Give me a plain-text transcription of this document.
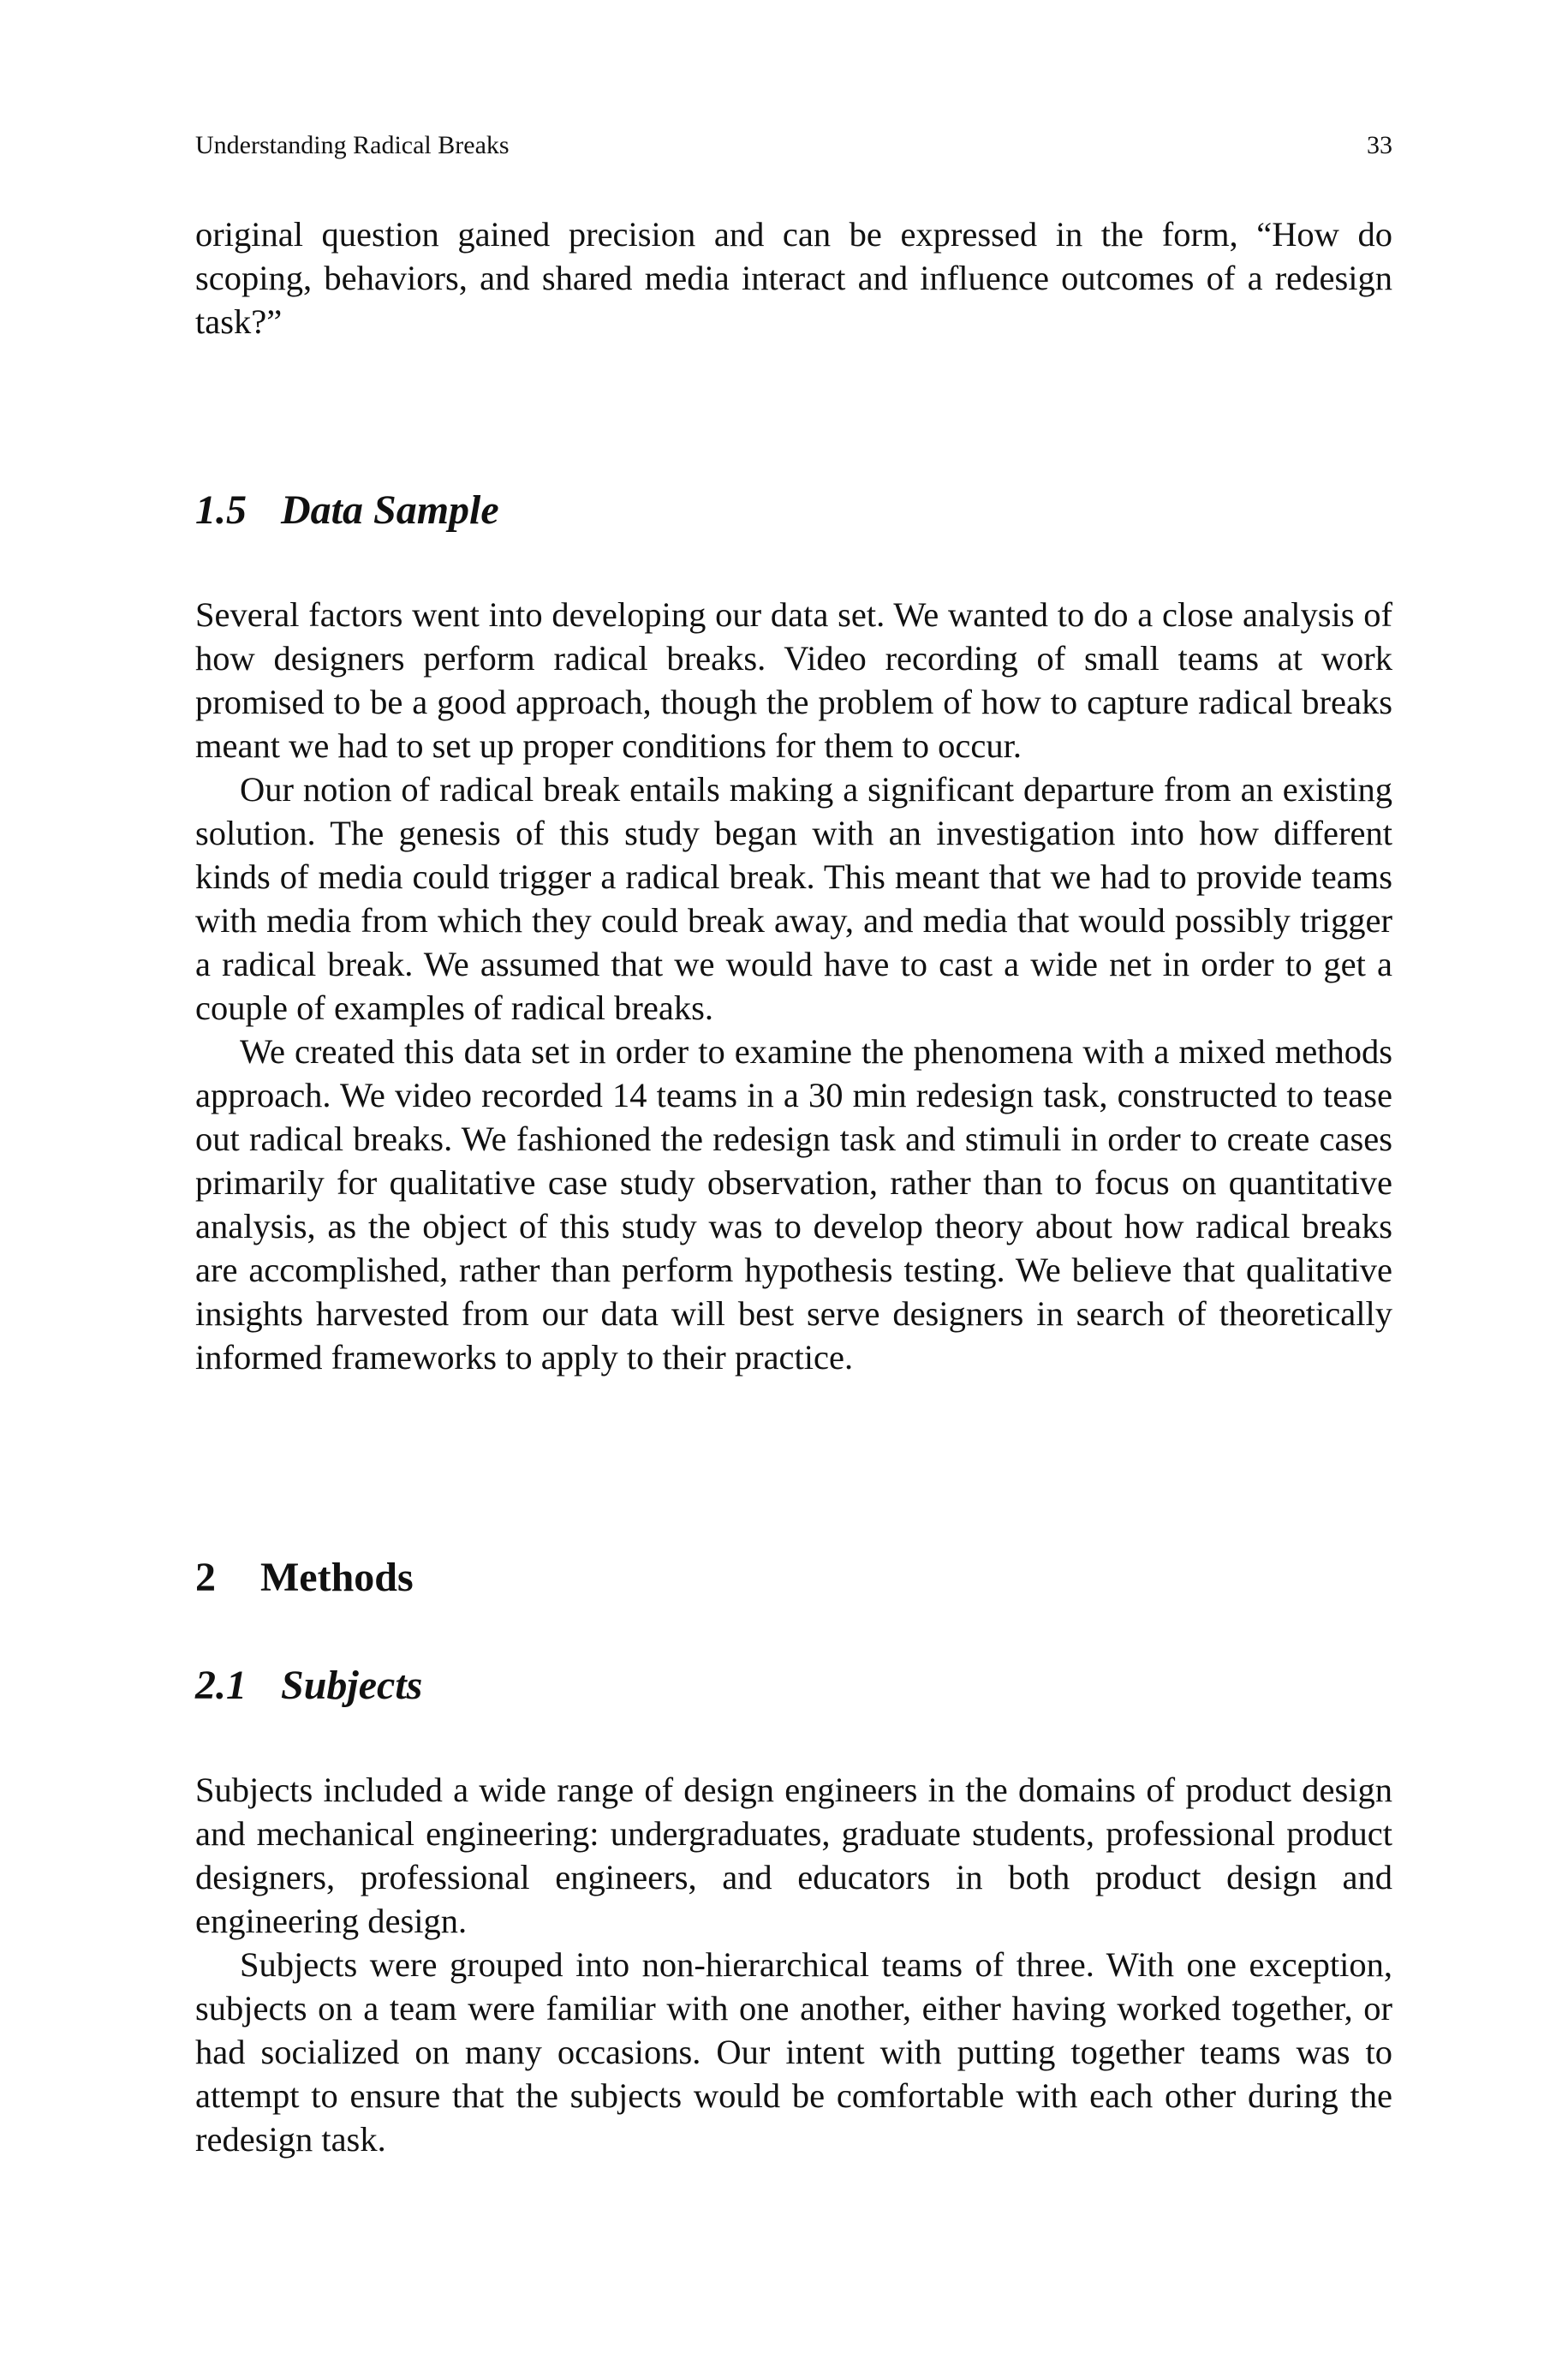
Understanding Radical Breaks	33

original question gained precision and can be expressed in the form, “How do scoping, behaviors, and shared media interact and influence outcomes of a redesign task?”

1.5 Data Sample

Several factors went into developing our data set. We wanted to do a close analysis of how designers perform radical breaks. Video recording of small teams at work promised to be a good approach, though the problem of how to capture radical breaks meant we had to set up proper conditions for them to occur.

Our notion of radical break entails making a significant departure from an existing solution. The genesis of this study began with an investigation into how different kinds of media could trigger a radical break. This meant that we had to provide teams with media from which they could break away, and media that would possibly trigger a radical break. We assumed that we would have to cast a wide net in order to get a couple of examples of radical breaks.

We created this data set in order to examine the phenomena with a mixed methods approach. We video recorded 14 teams in a 30 min redesign task, constructed to tease out radical breaks. We fashioned the redesign task and stimuli in order to create cases primarily for qualitative case study observation, rather than to focus on quantitative analysis, as the object of this study was to develop theory about how radical breaks are accomplished, rather than perform hypothesis testing. We believe that qualitative insights harvested from our data will best serve designers in search of theoretically informed frameworks to apply to their practice.

2 Methods
2.1 Subjects

Subjects included a wide range of design engineers in the domains of product design and mechanical engineering: undergraduates, graduate students, professional product designers, professional engineers, and educators in both product design and engineering design.

Subjects were grouped into non-hierarchical teams of three. With one exception, subjects on a team were familiar with one another, either having worked together, or had socialized on many occasions. Our intent with putting together teams was to attempt to ensure that the subjects would be comfortable with each other during the redesign task.
